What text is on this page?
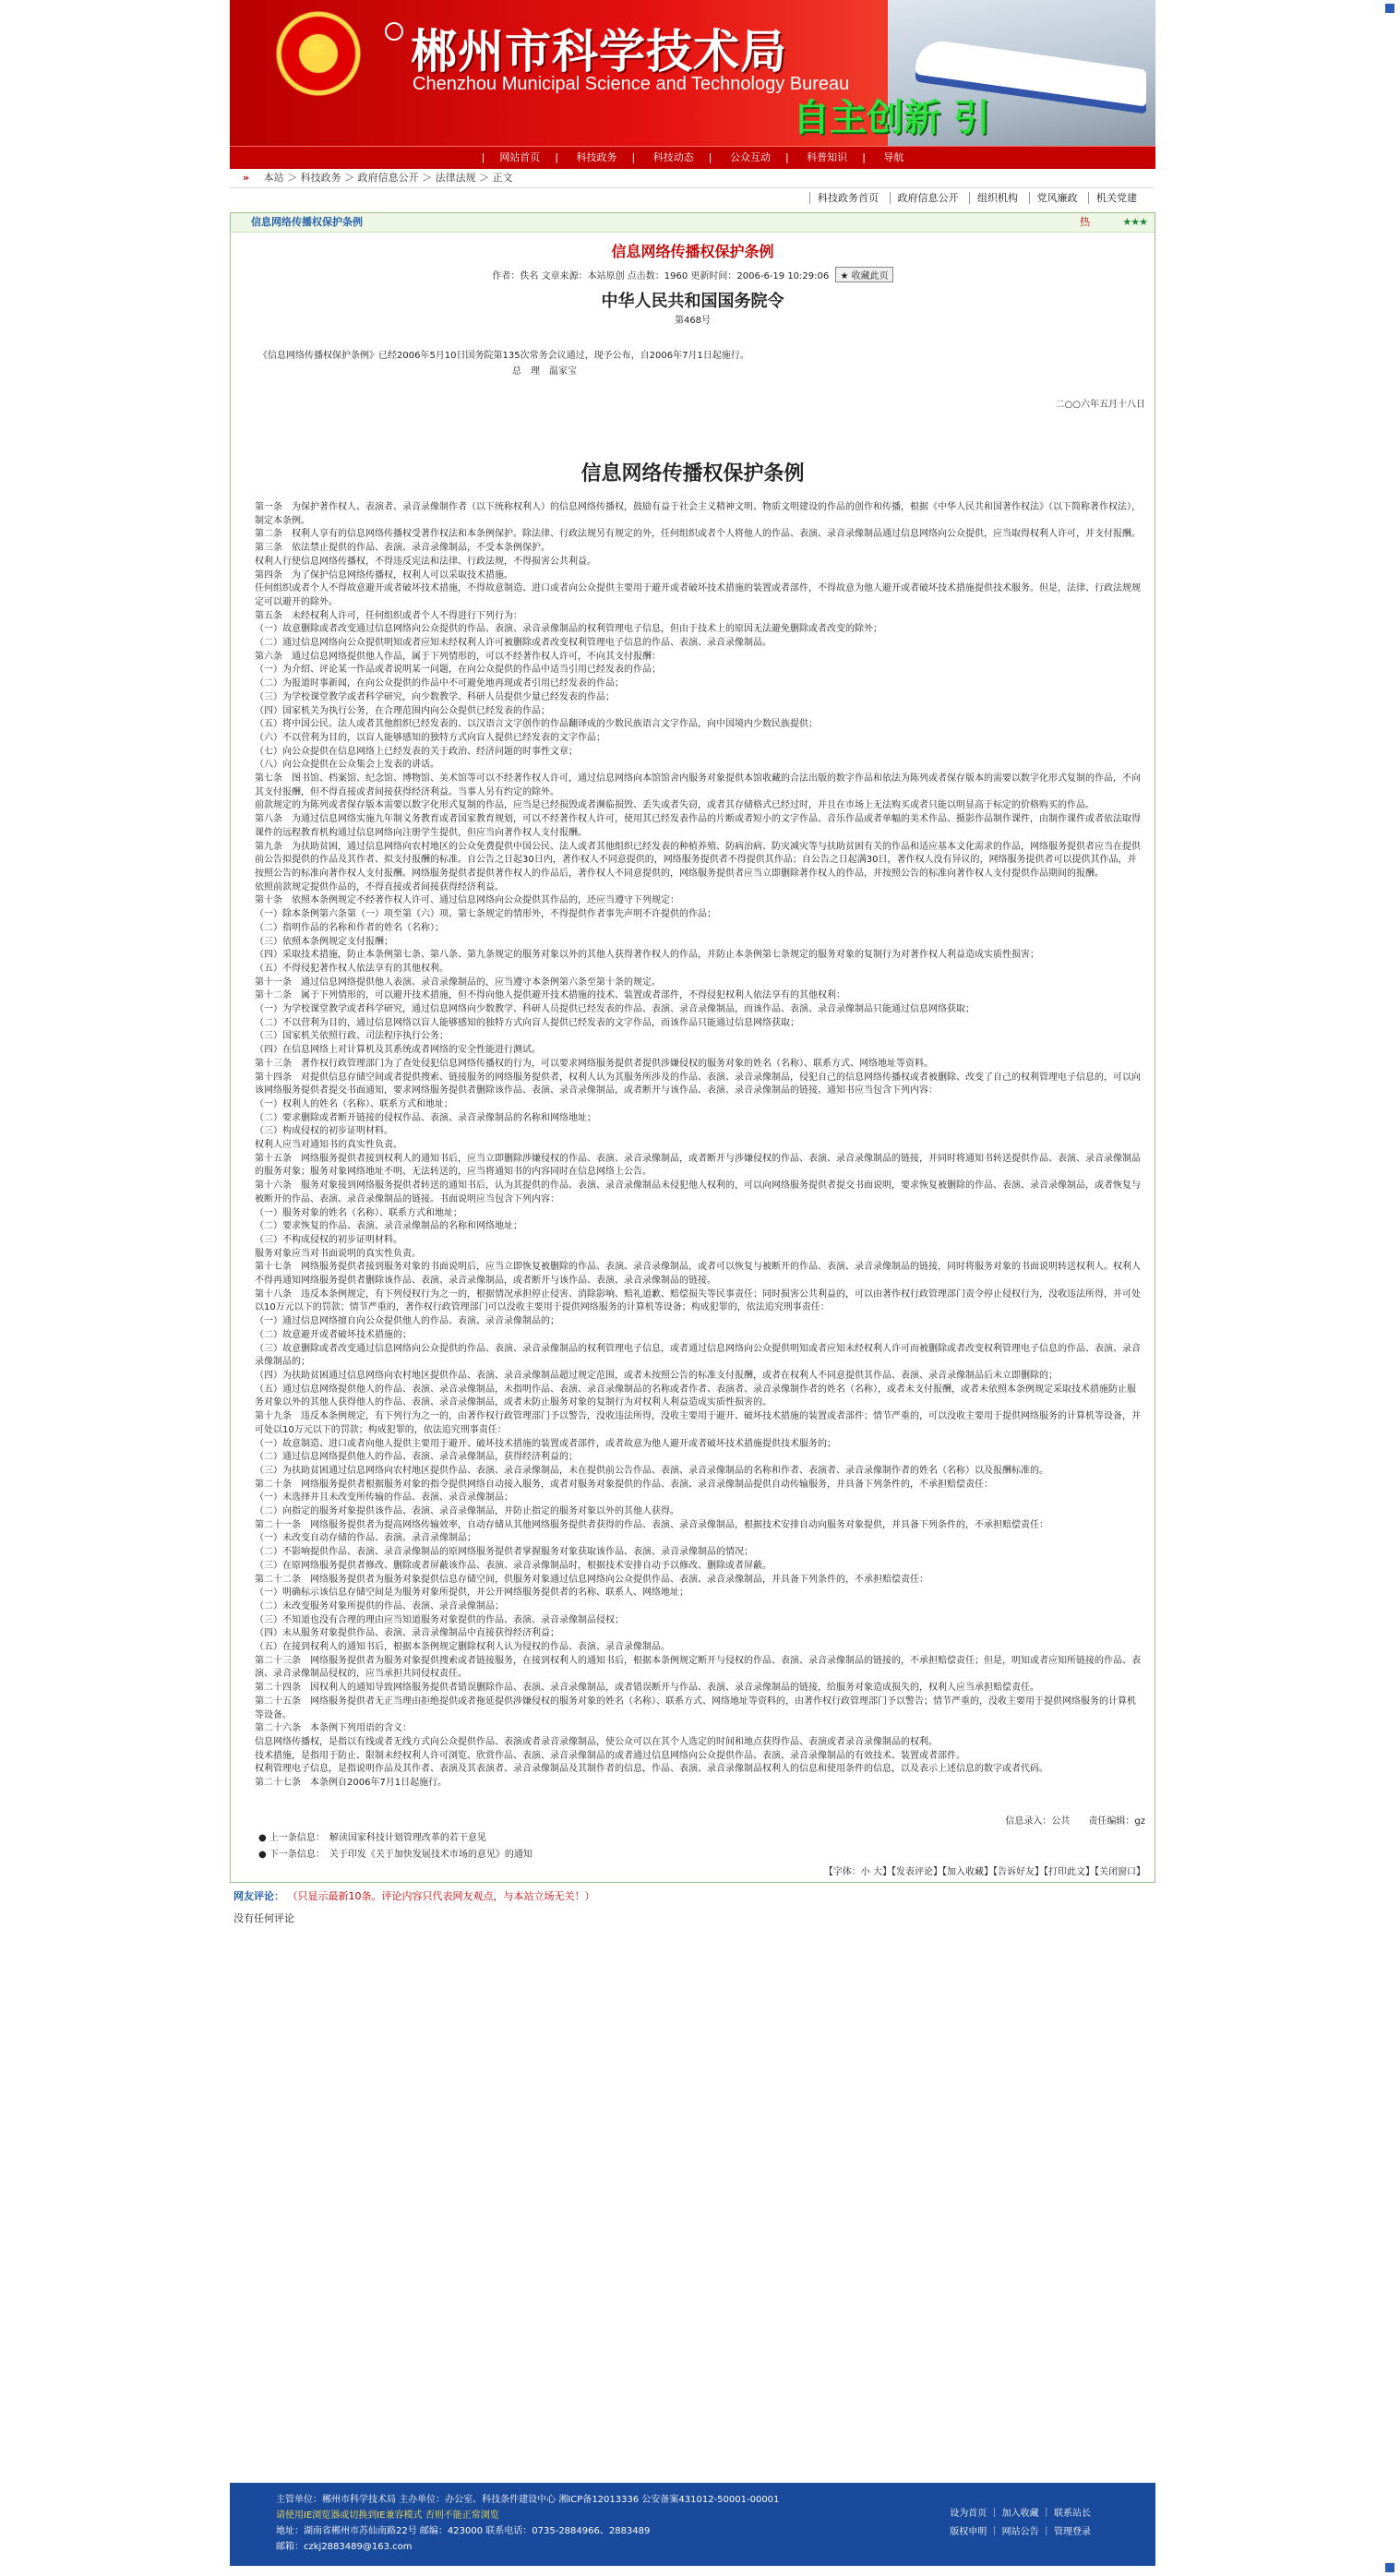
★ 郴州市科学技术局
Chenzhou Municipal Science and Technology Bureau
自主创新 引
| 网站首页 | 科技政务 | 科技动态 | 公众互动 | 科普知识 | 导航
» 本站 ＞ 科技政务 ＞ 政府信息公开 ＞ 法律法规 ＞ 正文
科技政务首页 政府信息公开 组织机构 党风廉政 机关党建
信息网络传播权保护条例	热	★★★
信息网络传播权保护条例
作者：佚名 文章来源：本站原创 点击数：1960 更新时间：2006-6-19 10:29:06 ★ 收藏此页
中华人民共和国国务院令
第468号
《信息网络传播权保护条例》已经2006年5月10日国务院第135次常务会议通过，现予公布，自2006年7月1日起施行。
总　理　温家宝
二○○六年五月十八日
信息网络传播权保护条例

第一条　为保护著作权人、表演者、录音录像制作者（以下统称权利人）的信息网络传播权，鼓励有益于社会主义精神文明、物质文明建设的作品的创作和传播，根据《中华人民共和国著作权法》（以下简称著作权法），制定本条例。

第二条　权利人享有的信息网络传播权受著作权法和本条例保护。除法律、行政法规另有规定的外，任何组织或者个人将他人的作品、表演、录音录像制品通过信息网络向公众提供，应当取得权利人许可，并支付报酬。

第三条　依法禁止提供的作品、表演、录音录像制品，不受本条例保护。

权利人行使信息网络传播权，不得违反宪法和法律、行政法规，不得损害公共利益。

第四条　为了保护信息网络传播权，权利人可以采取技术措施。

任何组织或者个人不得故意避开或者破坏技术措施，不得故意制造、进口或者向公众提供主要用于避开或者破坏技术措施的装置或者部件，不得故意为他人避开或者破坏技术措施提供技术服务。但是，法律、行政法规规定可以避开的除外。

第五条　未经权利人许可，任何组织或者个人不得进行下列行为：

（一）故意删除或者改变通过信息网络向公众提供的作品、表演、录音录像制品的权利管理电子信息，但由于技术上的原因无法避免删除或者改变的除外；

（二）通过信息网络向公众提供明知或者应知未经权利人许可被删除或者改变权利管理电子信息的作品、表演、录音录像制品。

第六条　通过信息网络提供他人作品，属于下列情形的，可以不经著作权人许可，不向其支付报酬：

（一）为介绍、评论某一作品或者说明某一问题，在向公众提供的作品中适当引用已经发表的作品；

（二）为报道时事新闻，在向公众提供的作品中不可避免地再现或者引用已经发表的作品；

（三）为学校课堂教学或者科学研究，向少数教学、科研人员提供少量已经发表的作品；

（四）国家机关为执行公务，在合理范围内向公众提供已经发表的作品；

（五）将中国公民、法人或者其他组织已经发表的、以汉语言文字创作的作品翻译成的少数民族语言文字作品，向中国境内少数民族提供；

（六）不以营利为目的，以盲人能够感知的独特方式向盲人提供已经发表的文字作品；

（七）向公众提供在信息网络上已经发表的关于政治、经济问题的时事性文章；

（八）向公众提供在公众集会上发表的讲话。

第七条　图书馆、档案馆、纪念馆、博物馆、美术馆等可以不经著作权人许可，通过信息网络向本馆馆舍内服务对象提供本馆收藏的合法出版的数字作品和依法为陈列或者保存版本的需要以数字化形式复制的作品，不向其支付报酬，但不得直接或者间接获得经济利益。当事人另有约定的除外。

前款规定的为陈列或者保存版本需要以数字化形式复制的作品，应当是已经损毁或者濒临损毁、丢失或者失窃，或者其存储格式已经过时，并且在市场上无法购买或者只能以明显高于标定的价格购买的作品。

第八条　为通过信息网络实施九年制义务教育或者国家教育规划，可以不经著作权人许可，使用其已经发表作品的片断或者短小的文字作品、音乐作品或者单幅的美术作品、摄影作品制作课件，由制作课件或者依法取得课件的远程教育机构通过信息网络向注册学生提供，但应当向著作权人支付报酬。

第九条　为扶助贫困，通过信息网络向农村地区的公众免费提供中国公民、法人或者其他组织已经发表的种植养殖、防病治病、防灾减灾等与扶助贫困有关的作品和适应基本文化需求的作品，网络服务提供者应当在提供前公告拟提供的作品及其作者、拟支付报酬的标准。自公告之日起30日内，著作权人不同意提供的，网络服务提供者不得提供其作品；自公告之日起满30日，著作权人没有异议的，网络服务提供者可以提供其作品，并按照公告的标准向著作权人支付报酬。网络服务提供者提供著作权人的作品后，著作权人不同意提供的，网络服务提供者应当立即删除著作权人的作品，并按照公告的标准向著作权人支付提供作品期间的报酬。

依照前款规定提供作品的，不得直接或者间接获得经济利益。

第十条　依照本条例规定不经著作权人许可、通过信息网络向公众提供其作品的，还应当遵守下列规定：

（一）除本条例第六条第（一）项至第（六）项、第七条规定的情形外，不得提供作者事先声明不许提供的作品；

（二）指明作品的名称和作者的姓名（名称）；

（三）依照本条例规定支付报酬；

（四）采取技术措施，防止本条例第七条、第八条、第九条规定的服务对象以外的其他人获得著作权人的作品，并防止本条例第七条规定的服务对象的复制行为对著作权人利益造成实质性损害；

（五）不得侵犯著作权人依法享有的其他权利。

第十一条　通过信息网络提供他人表演、录音录像制品的，应当遵守本条例第六条至第十条的规定。

第十二条　属于下列情形的，可以避开技术措施，但不得向他人提供避开技术措施的技术、装置或者部件，不得侵犯权利人依法享有的其他权利：

（一）为学校课堂教学或者科学研究，通过信息网络向少数教学、科研人员提供已经发表的作品、表演、录音录像制品，而该作品、表演、录音录像制品只能通过信息网络获取；

（二）不以营利为目的，通过信息网络以盲人能够感知的独特方式向盲人提供已经发表的文字作品，而该作品只能通过信息网络获取；

（三）国家机关依照行政、司法程序执行公务；

（四）在信息网络上对计算机及其系统或者网络的安全性能进行测试。

第十三条　著作权行政管理部门为了查处侵犯信息网络传播权的行为，可以要求网络服务提供者提供涉嫌侵权的服务对象的姓名（名称）、联系方式、网络地址等资料。

第十四条　对提供信息存储空间或者提供搜索、链接服务的网络服务提供者，权利人认为其服务所涉及的作品、表演、录音录像制品，侵犯自己的信息网络传播权或者被删除、改变了自己的权利管理电子信息的，可以向该网络服务提供者提交书面通知，要求网络服务提供者删除该作品、表演、录音录像制品，或者断开与该作品、表演、录音录像制品的链接。通知书应当包含下列内容：

（一）权利人的姓名（名称）、联系方式和地址；

（二）要求删除或者断开链接的侵权作品、表演、录音录像制品的名称和网络地址；

（三）构成侵权的初步证明材料。

权利人应当对通知书的真实性负责。

第十五条　网络服务提供者接到权利人的通知书后，应当立即删除涉嫌侵权的作品、表演、录音录像制品，或者断开与涉嫌侵权的作品、表演、录音录像制品的链接，并同时将通知书转送提供作品、表演、录音录像制品的服务对象；服务对象网络地址不明、无法转送的，应当将通知书的内容同时在信息网络上公告。

第十六条　服务对象接到网络服务提供者转送的通知书后，认为其提供的作品、表演、录音录像制品未侵犯他人权利的，可以向网络服务提供者提交书面说明，要求恢复被删除的作品、表演、录音录像制品，或者恢复与被断开的作品、表演、录音录像制品的链接。书面说明应当包含下列内容：

（一）服务对象的姓名（名称）、联系方式和地址；

（二）要求恢复的作品、表演、录音录像制品的名称和网络地址；

（三）不构成侵权的初步证明材料。

服务对象应当对书面说明的真实性负责。

第十七条　网络服务提供者接到服务对象的书面说明后，应当立即恢复被删除的作品、表演、录音录像制品，或者可以恢复与被断开的作品、表演、录音录像制品的链接，同时将服务对象的书面说明转送权利人。权利人不得再通知网络服务提供者删除该作品、表演、录音录像制品，或者断开与该作品、表演、录音录像制品的链接。

第十八条　违反本条例规定，有下列侵权行为之一的，根据情况承担停止侵害、消除影响、赔礼道歉、赔偿损失等民事责任；同时损害公共利益的，可以由著作权行政管理部门责令停止侵权行为，没收违法所得，并可处以10万元以下的罚款；情节严重的，著作权行政管理部门可以没收主要用于提供网络服务的计算机等设备；构成犯罪的，依法追究刑事责任：

（一）通过信息网络擅自向公众提供他人的作品、表演、录音录像制品的；

（二）故意避开或者破坏技术措施的；

（三）故意删除或者改变通过信息网络向公众提供的作品、表演、录音录像制品的权利管理电子信息，或者通过信息网络向公众提供明知或者应知未经权利人许可而被删除或者改变权利管理电子信息的作品、表演、录音录像制品的；

（四）为扶助贫困通过信息网络向农村地区提供作品、表演、录音录像制品超过规定范围，或者未按照公告的标准支付报酬，或者在权利人不同意提供其作品、表演、录音录像制品后未立即删除的；

（五）通过信息网络提供他人的作品、表演、录音录像制品，未指明作品、表演、录音录像制品的名称或者作者、表演者、录音录像制作者的姓名（名称），或者未支付报酬，或者未依照本条例规定采取技术措施防止服务对象以外的其他人获得他人的作品、表演、录音录像制品，或者未防止服务对象的复制行为对权利人利益造成实质性损害的。

第十九条　违反本条例规定，有下列行为之一的，由著作权行政管理部门予以警告，没收违法所得，没收主要用于避开、破坏技术措施的装置或者部件；情节严重的，可以没收主要用于提供网络服务的计算机等设备，并可处以10万元以下的罚款；构成犯罪的，依法追究刑事责任：

（一）故意制造、进口或者向他人提供主要用于避开、破坏技术措施的装置或者部件，或者故意为他人避开或者破坏技术措施提供技术服务的；

（二）通过信息网络提供他人的作品、表演、录音录像制品，获得经济利益的；

（三）为扶助贫困通过信息网络向农村地区提供作品、表演、录音录像制品，未在提供前公告作品、表演、录音录像制品的名称和作者、表演者、录音录像制作者的姓名（名称）以及报酬标准的。

第二十条　网络服务提供者根据服务对象的指令提供网络自动接入服务，或者对服务对象提供的作品、表演、录音录像制品提供自动传输服务，并具备下列条件的，不承担赔偿责任：

（一）未选择并且未改变所传输的作品、表演、录音录像制品；

（二）向指定的服务对象提供该作品、表演、录音录像制品，并防止指定的服务对象以外的其他人获得。

第二十一条　网络服务提供者为提高网络传输效率，自动存储从其他网络服务提供者获得的作品、表演、录音录像制品，根据技术安排自动向服务对象提供，并具备下列条件的，不承担赔偿责任：

（一）未改变自动存储的作品、表演、录音录像制品；

（二）不影响提供作品、表演、录音录像制品的原网络服务提供者掌握服务对象获取该作品、表演、录音录像制品的情况；

（三）在原网络服务提供者修改、删除或者屏蔽该作品、表演、录音录像制品时，根据技术安排自动予以修改、删除或者屏蔽。

第二十二条　网络服务提供者为服务对象提供信息存储空间，供服务对象通过信息网络向公众提供作品、表演、录音录像制品，并具备下列条件的，不承担赔偿责任：

（一）明确标示该信息存储空间是为服务对象所提供，并公开网络服务提供者的名称、联系人、网络地址；

（二）未改变服务对象所提供的作品、表演、录音录像制品；

（三）不知道也没有合理的理由应当知道服务对象提供的作品、表演、录音录像制品侵权；

（四）未从服务对象提供作品、表演、录音录像制品中直接获得经济利益；

（五）在接到权利人的通知书后，根据本条例规定删除权利人认为侵权的作品、表演、录音录像制品。

第二十三条　网络服务提供者为服务对象提供搜索或者链接服务，在接到权利人的通知书后，根据本条例规定断开与侵权的作品、表演、录音录像制品的链接的，不承担赔偿责任；但是，明知或者应知所链接的作品、表演、录音录像制品侵权的，应当承担共同侵权责任。

第二十四条　因权利人的通知导致网络服务提供者错误删除作品、表演、录音录像制品，或者错误断开与作品、表演、录音录像制品的链接，给服务对象造成损失的，权利人应当承担赔偿责任。

第二十五条　网络服务提供者无正当理由拒绝提供或者拖延提供涉嫌侵权的服务对象的姓名（名称）、联系方式、网络地址等资料的，由著作权行政管理部门予以警告；情节严重的，没收主要用于提供网络服务的计算机等设备。

第二十六条　本条例下列用语的含义：

信息网络传播权，是指以有线或者无线方式向公众提供作品、表演或者录音录像制品，使公众可以在其个人选定的时间和地点获得作品、表演或者录音录像制品的权利。

技术措施，是指用于防止、限制未经权利人许可浏览、欣赏作品、表演、录音录像制品的或者通过信息网络向公众提供作品、表演、录音录像制品的有效技术、装置或者部件。

权利管理电子信息，是指说明作品及其作者、表演及其表演者、录音录像制品及其制作者的信息，作品、表演、录音录像制品权利人的信息和使用条件的信息，以及表示上述信息的数字或者代码。

第二十七条　本条例自2006年7月1日起施行。

信息录入：公共　　责任编辑：gz
● 上一条信息：　解读国家科技计划管理改革的若干意见
● 下一条信息：　关于印发《关于加快发展技术市场的意见》的通知
【字体：小 大】【发表评论】【加入收藏】【告诉好友】【打印此文】【关闭窗口】
网友评论： （只显示最新10条。评论内容只代表网友观点，与本站立场无关！）
没有任何评论
主管单位：郴州市科学技术局 主办单位：办公室、科技条件建设中心 湘ICP备12013336 公安备案431012-50001-00001
请使用IE浏览器或切换到IE兼容模式 否则不能正常浏览
地址：湖南省郴州市苏仙南路22号 邮编：423000 联系电话：0735-2884966、2883489
邮箱：czkj2883489@163.com
设为首页 ｜ 加入收藏 ｜ 联系站长
版权申明 ｜ 网站公告 ｜ 管理登录
